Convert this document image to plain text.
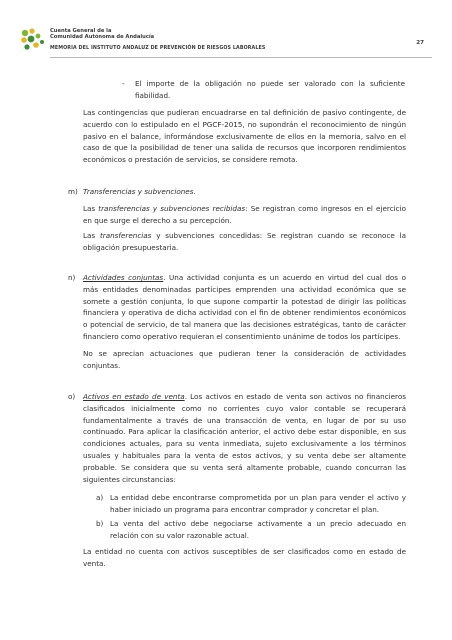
Cuenta General de la
Comunidad Autónoma de Andalucía
MEMORIA DEL INSTITUTO ANDALUZ DE PREVENCIÓN DE RIESGOS LABORALES
27
- El importe de la obligación no puede ser valorado con la suficiente fiabilidad.
Las contingencias que pudieran encuadrarse en tal definición de pasivo contingente, de acuerdo con lo estipulado en el PGCF-2015, no supondrán el reconocimiento de ningún pasivo en el balance, informándose exclusivamente de ellos en la memoria, salvo en el caso de que la posibilidad de tener una salida de recursos que incorporen rendimientos económicos o prestación de servicios, se considere remota.
m) Transferencias y subvenciones.
Las transferencias y subvenciones recibidas: Se registran como ingresos en el ejercicio en que surge el derecho a su percepción.
Las transferencias y subvenciones concedidas: Se registran cuando se reconoce la obligación presupuestaria.
n) Actividades conjuntas. Una actividad conjunta es un acuerdo en virtud del cual dos o más entidades denominadas partícipes emprenden una actividad económica que se somete a gestión conjunta, lo que supone compartir la potestad de dirigir las políticas financiera y operativa de dicha actividad con el fin de obtener rendimientos económicos o potencial de servicio, de tal manera que las decisiones estratégicas, tanto de carácter financiero como operativo requieran el consentimiento unánime de todos los partícipes.
No se aprecian actuaciones que pudieran tener la consideración de actividades conjuntas.
o) Activos en estado de venta. Los activos en estado de venta son activos no financieros clasificados inicialmente como no corrientes cuyo valor contable se recuperará fundamentalmente a través de una transacción de venta, en lugar de por su uso continuado. Para aplicar la clasificación anterior, el activo debe estar disponible, en sus condiciones actuales, para su venta inmediata, sujeto exclusivamente a los términos usuales y habituales para la venta de estos activos, y su venta debe ser altamente probable. Se considera que su venta será altamente probable, cuando concurran las siguientes circunstancias:
a) La entidad debe encontrarse comprometida por un plan para vender el activo y haber iniciado un programa para encontrar comprador y concretar el plan.
b) La venta del activo debe negociarse activamente a un precio adecuado en relación con su valor razonable actual.
La entidad no cuenta con activos susceptibles de ser clasificados como en estado de venta.
